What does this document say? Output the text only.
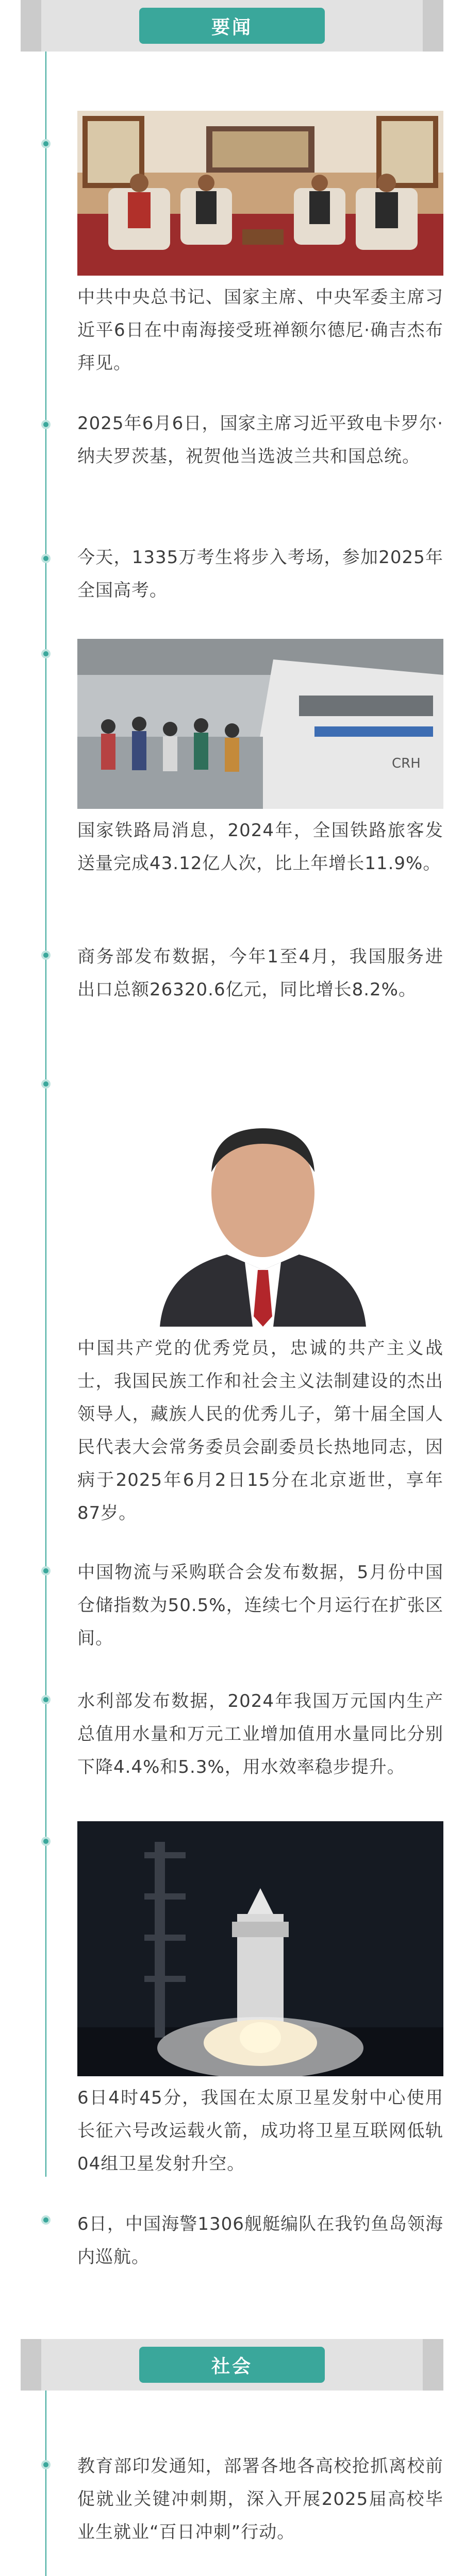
要闻

中共中央总书记、国家主席、中央军委主席习近平6日在中南海接受班禅额尔德尼·确吉杰布拜见。

2025年6月6日，国家主席习近平致电卡罗尔·纳夫罗茨基，祝贺他当选波兰共和国总统。

今天，1335万考生将步入考场，参加2025年全国高考。

CRH

国家铁路局消息，2024年，全国铁路旅客发送量完成43.12亿人次，比上年增长11.9%。

商务部发布数据，今年1至4月，我国服务进出口总额26320.6亿元，同比增长8.2%。

中国共产党的优秀党员，忠诚的共产主义战士，我国民族工作和社会主义法制建设的杰出领导人，藏族人民的优秀儿子，第十届全国人民代表大会常务委员会副委员长热地同志，因病于2025年6月2日15分在北京逝世，享年87岁。

中国物流与采购联合会发布数据，5月份中国仓储指数为50.5%，连续七个月运行在扩张区间。

水利部发布数据，2024年我国万元国内生产总值用水量和万元工业增加值用水量同比分别下降4.4%和5.3%，用水效率稳步提升。

6日4时45分，我国在太原卫星发射中心使用长征六号改运载火箭，成功将卫星互联网低轨04组卫星发射升空。

6日，中国海警1306舰艇编队在我钓鱼岛领海内巡航。

社会

教育部印发通知，部署各地各高校抢抓离校前促就业关键冲刺期，深入开展2025届高校毕业生就业“百日冲刺”行动。
